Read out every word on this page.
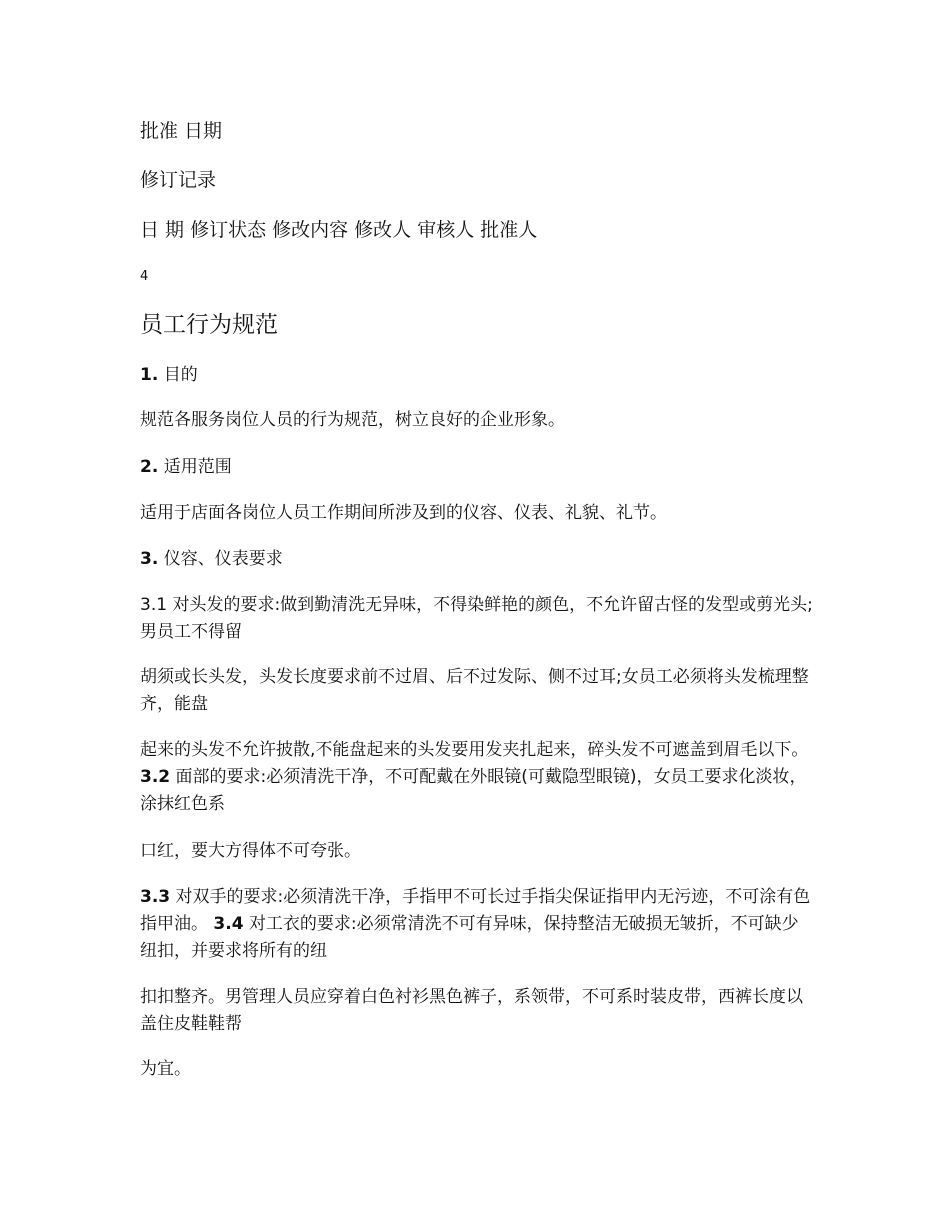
批准 日期
修订记录
日 期 修订状态 修改内容 修改人 审核人 批准人
4
员工行为规范
1. 目的
规范各服务岗位人员的行为规范，树立良好的企业形象。
2. 适用范围
适用于店面各岗位人员工作期间所涉及到的仪容、仪表、礼貌、礼节。
3. 仪容、仪表要求
3.1 对头发的要求:做到勤清洗无异味，不得染鲜艳的颜色，不允许留古怪的发型或剪光头;男员工不得留
胡须或长头发，头发长度要求前不过眉、后不过发际、侧不过耳;女员工必须将头发梳理整齐，能盘
起来的头发不允许披散,不能盘起来的头发要用发夹扎起来，碎头发不可遮盖到眉毛以下。 3.2 面部的要求:必须清洗干净，不可配戴在外眼镜(可戴隐型眼镜)，女员工要求化淡妆， 涂抹红色系
口红，要大方得体不可夸张。
3.3 对双手的要求:必须清洗干净，手指甲不可长过手指尖保证指甲内无污迹，不可涂有色指甲油。 3.4 对工衣的要求:必须常清洗不可有异味，保持整洁无破损无皱折，不可缺少纽扣，并要求将所有的纽
扣扣整齐。男管理人员应穿着白色衬衫黑色裤子，系领带，不可系时装皮带，西裤长度以盖住皮鞋鞋帮
为宜。
